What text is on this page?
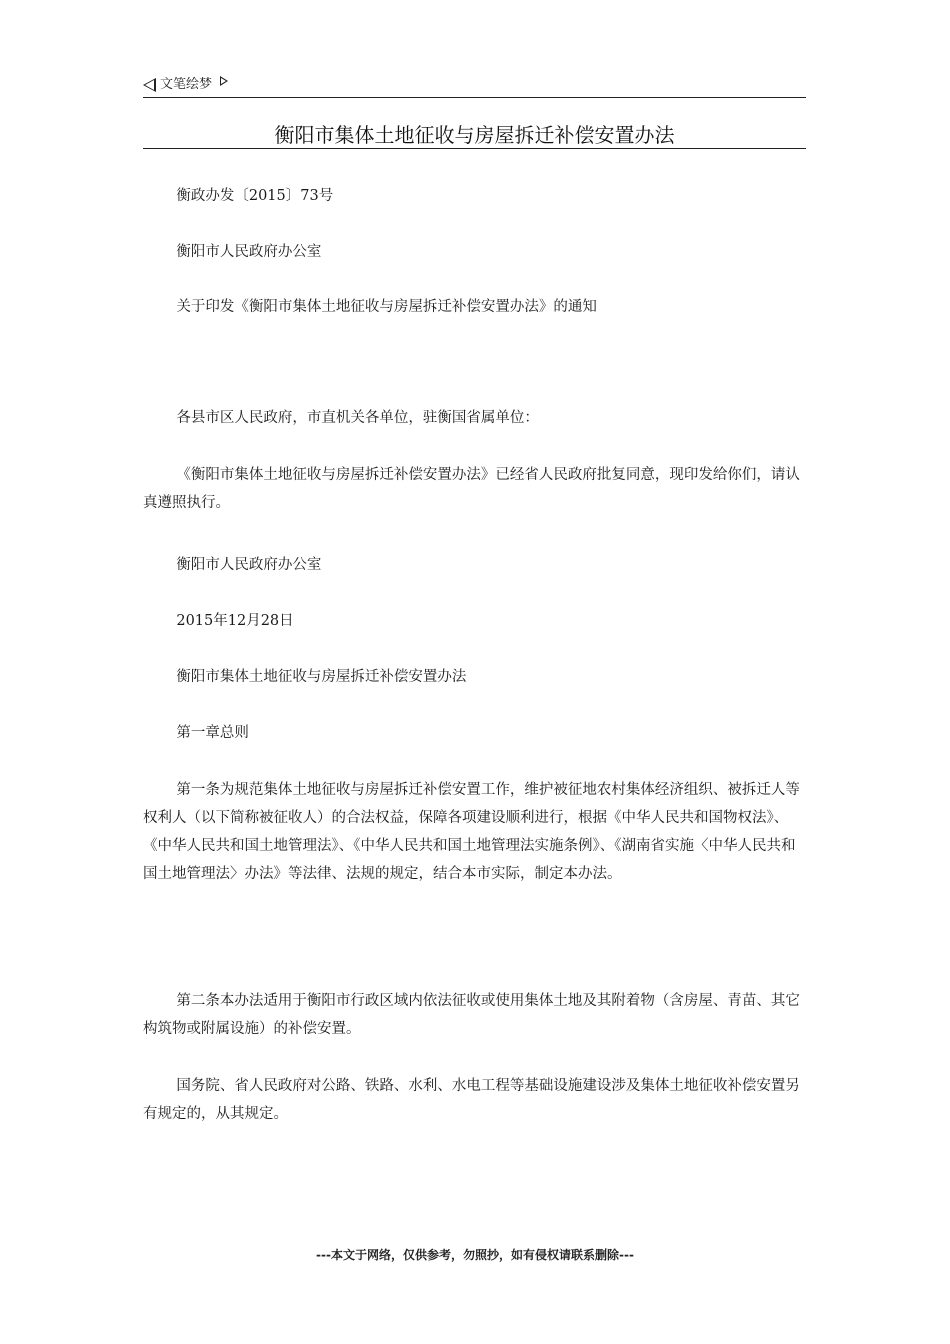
文笔绘梦
衡阳市集体土地征收与房屋拆迁补偿安置办法
衡政办发〔2015〕73号
衡阳市人民政府办公室
关于印发《衡阳市集体土地征收与房屋拆迁补偿安置办法》的通知
各县市区人民政府，市直机关各单位，驻衡国省属单位：
《衡阳市集体土地征收与房屋拆迁补偿安置办法》已经省人民政府批复同意，现印发给你们，请认真遵照执行。
衡阳市人民政府办公室
2015年12月28日
衡阳市集体土地征收与房屋拆迁补偿安置办法
第一章总则
第一条为规范集体土地征收与房屋拆迁补偿安置工作，维护被征地农村集体经济组织、被拆迁人等权利人（以下简称被征收人）的合法权益，保障各项建设顺利进行，根据《中华人民共和国物权法》、《中华人民共和国土地管理法》、《中华人民共和国土地管理法实施条例》、《湖南省实施〈中华人民共和国土地管理法〉办法》等法律、法规的规定，结合本市实际，制定本办法。
第二条本办法适用于衡阳市行政区域内依法征收或使用集体土地及其附着物（含房屋、青苗、其它构筑物或附属设施）的补偿安置。
国务院、省人民政府对公路、铁路、水利、水电工程等基础设施建设涉及集体土地征收补偿安置另有规定的，从其规定。
---本文于网络，仅供参考，勿照抄，如有侵权请联系删除---
